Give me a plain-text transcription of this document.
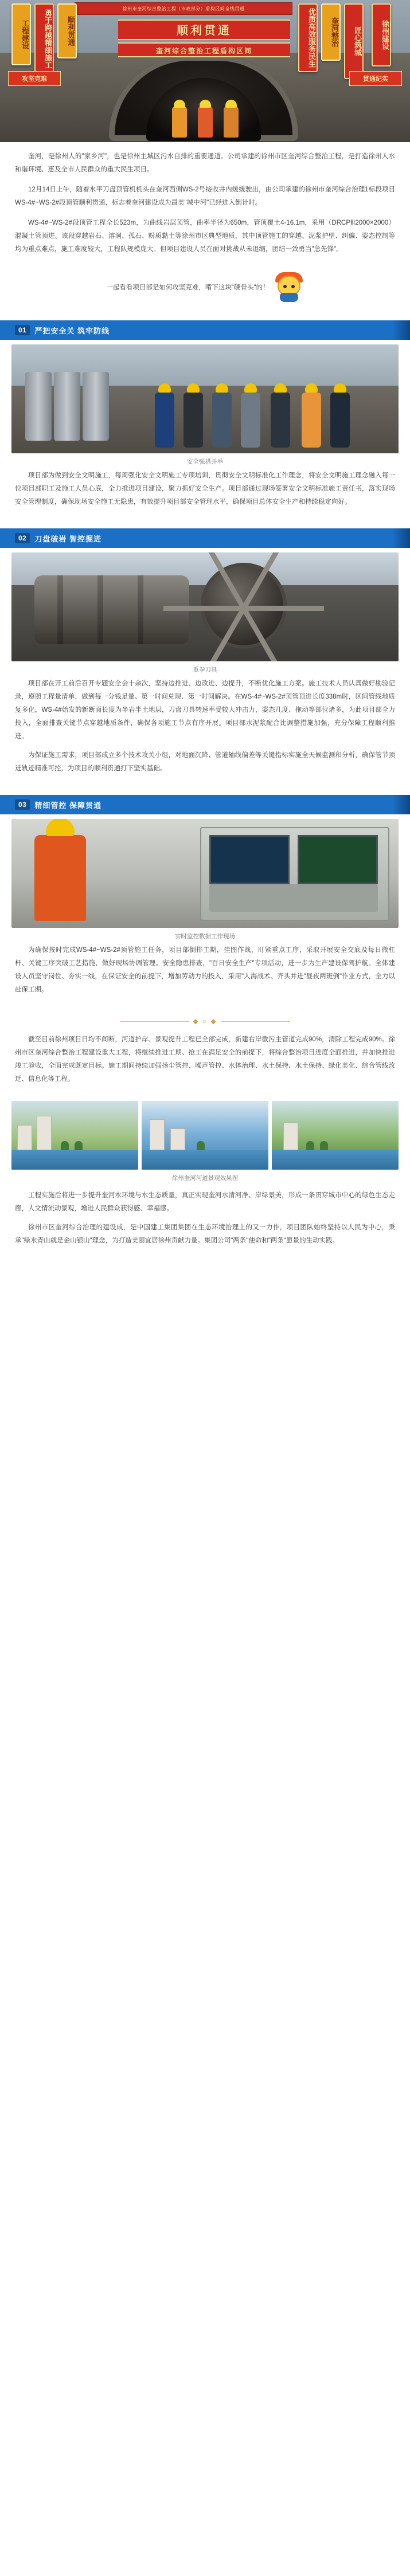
徐州市奎河综合整治工程（市政部分）盾构区间全线贯通
顺利贯通
奎河综合整治工程盾构区间
工程建设	勇于跨越精细施工	顺利贯通	优质高效服务民生	奎河整治	匠心筑城	徐州建设
攻坚克难	贯通纪实

奎河，是徐州人的"家乡河"，也是徐州主城区污水自排的重要通道。公司承建的徐州市区奎河综合整治工程，是打造徐州人水和谐环境、惠及全市人民群众的重大民生项目。

12月14日上午，随着水平刀盘顶管机机头在奎河西侧WS-2号接收井内缓缓驶出，由公司承建的徐州市奎河综合治理1标段项目WS-4#~WS-2#段顶管顺利贯通，标志着奎河建设成为最美"城中河"已经进入倒计时。

WS-4#~WS-2#段顶管工程全长523m，为曲线岩层顶管，曲率半径为650m，管顶覆土4-16.1m，采用（DRCPⅢ2000×2000）混凝土管顶进。该段穿越岩石、溶洞、孤石、粉质黏土等徐州市区典型地质，其中顶管施工的穿越、泥浆护壁、纠偏、姿态控制等均为重点难点，施工难度较大，工程队规模庞大。但项目建设人员在面对挑战从未退缩，团结一致勇当"急先锋"。

一起看看项目部是如何攻坚克难，啃下这块"硬骨头"的！
01	严把安全关 筑牢防线
安全强措并举

项目部为做到安全文明施工，每周强化安全文明施工专项培训，贯彻安全文明标准化工作理念，将安全文明施工理念融入每一位项目部职工及施工人员心底，全力推进项目建设，聚力抓好安全生产。项目部通过现场签署安全文明标准施工责任书，落实现场安全管理制度，确保现场安全施工无隐患，有效提升项目部安全管理水平，确保项目总体安全生产和持续稳定向好。

02	刀盘破岩 智控掘进
重拳刀具

项目部在开工前后召开专题安全会十余次，坚持边推进、边改进、边提升，不断优化施工方案。施工技术人员认真做好勘验记录，遵照工程量清单，做到每一分钱足量、第一时间兑现、第一时间解决。在WS-4#~WS-2#顶管顶进长度338m时，区间管线地质复多化，WS-4#始发的新断面长度为半岩半土地层，刀盘刀具转速率受较大冲击力，姿态几度、拖动等部位诸多，为此项目部全力投入，全面排查关键节点穿越地质条件，确保各项施工节点有序开展。项目部水泥浆配合比调整措施加强，充分保障工程顺利推进。

为保证施工需求，项目部成立多个技术攻关小组，对地面沉降、管道轴线偏差等关键指标实施全天候监测和分析，确保管节顶进轨迹精准可控，为项目的顺利贯通打下坚实基础。

03	精细管控 保障贯通
实时监控数据工作现场

为确保按时完成WS-4#~WS-2#顶管施工任务，项目部倒排工期，挂图作战，盯紧重点工序，采取开展安全交底及每日微杠杆、关键工序突破工艺措施，做好现场协调管理。安全隐患排查，"百日安全生产"专项活动，进一步为生产建设保驾护航。全体建设人员坚守岗位、夯实一线，在保证安全的前提下，增加劳动力的投入，采用"人海战术、齐头并进"昼夜两班倒"作业方式，全力以赴保工期。

◆ ○ ◆

截至目前徐州项目日均不间断，河道护岸、景观提升工程已全部完成，新建右岸截污主管道完成90%，清除工程完成90%。徐州市区奎河综合整治工程建设重大工程，将继续推进工期、抢工在满足安全的前提下，将综合整治项目进度全面推进，并加快推进竣工验收，全面完成既定目标。施工期间持续加强扬尘管控、噪声管控、水体治理、水土保持、水土保持、绿化美化、综合管线改迁、信息化等工程。

徐州奎河河道景观效果图

工程实施后将进一步提升奎河水环境与水生态质量，真正实现奎河水清河净、岸绿景美，形成一条贯穿城市中心的绿色生态走廊，人文情流动景观，增进人民群众获得感、幸福感。

徐州市区奎河综合治理的建设成，是中国建工集团集团在生态环境治理上的又一力作，项目团队始终坚持以人民为中心，秉承"绿水青山就是金山银山"理念，为打造美丽宜居徐州贡献力量。集团公司"两条"使命和"两条"愿景的生动实践。
